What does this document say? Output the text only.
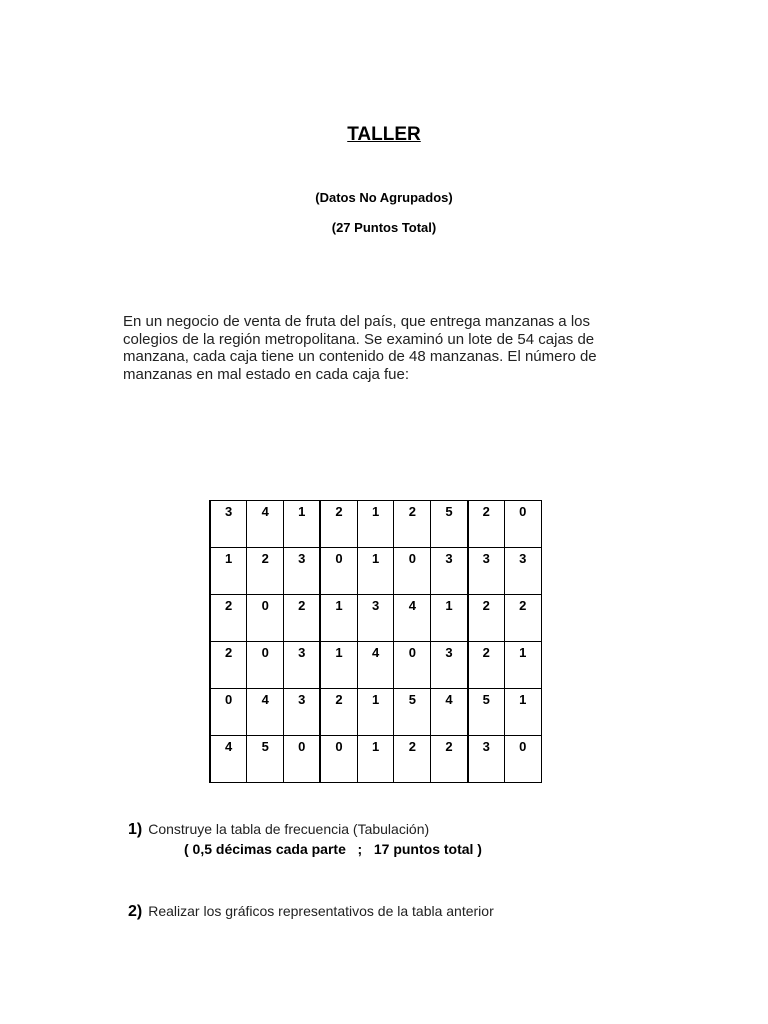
TALLER
(Datos No Agrupados)
(27 Puntos Total)
En un negocio de venta de fruta del país, que entrega manzanas a los
colegios de la región metropolitana. Se examinó un lote de 54 cajas de
manzana, cada caja tiene un contenido de 48 manzanas. El número de
manzanas en mal estado en cada caja fue:
3	4	1	2	1	2	5	2	0
1	2	3	0	1	0	3	3	3
2	0	2	1	3	4	1	2	2
2	0	3	1	4	0	3	2	1
0	4	3	2	1	5	4	5	1
4	5	0	0	1	2	2	3	0
1) Construye la tabla de frecuencia (Tabulación)
( 0,5 décimas cada parte   ;   17 puntos total )
2) Realizar los gráficos representativos de la tabla anterior
